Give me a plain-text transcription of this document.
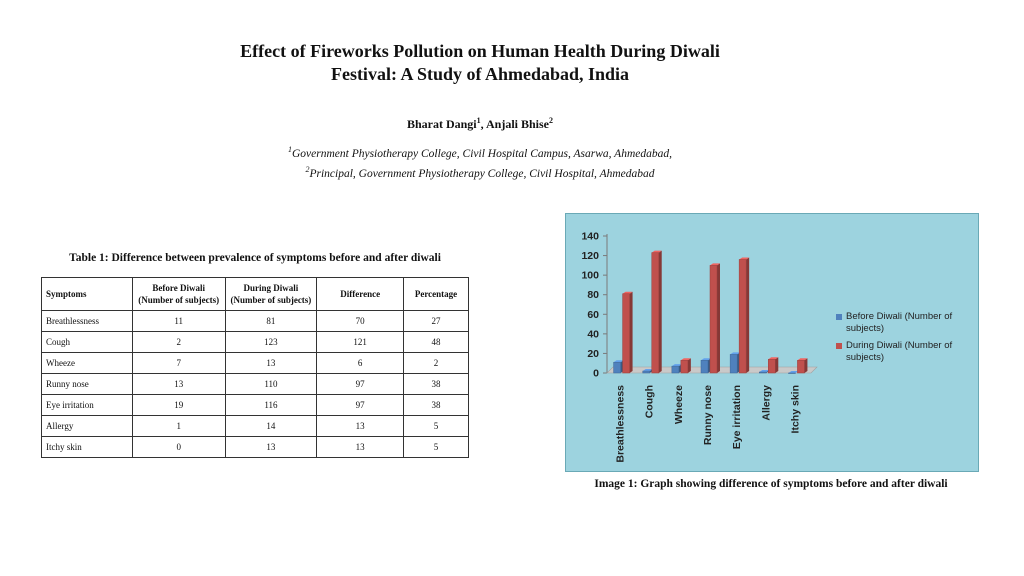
Effect of Fireworks Pollution on Human Health During Diwali
Festival: A Study of Ahmedabad, India
Bharat Dangi$^1$, Anjali Bhise$^2$
$^1$Government Physiotherapy College, Civil Hospital Campus, Asarwa, Ahmedabad,
$^2$Principal, Government Physiotherapy College, Civil Hospital, Ahmedabad
Table 1: Difference between prevalence of symptoms before and after diwali
Symptoms	Before Diwali (Number of subjects)	During Diwali (Number of subjects)	Difference	Percentage
Breathlessness	11	81	70	27
Cough	2	123	121	48
Wheeze	7	13	6	2
Runny nose	13	110	97	38
Eye irritation	19	116	97	38
Allergy	1	14	13	5
Itchy skin	0	13	13	5
0
20
40
60
80
100
120
140
Breathlessness Cough Wheeze Runny nose Eye irritation Allergy Itchy skin
Before Diwali (Number of subjects)
During Diwali (Number of subjects)
Image 1: Graph showing difference of symptoms before and after diwali
